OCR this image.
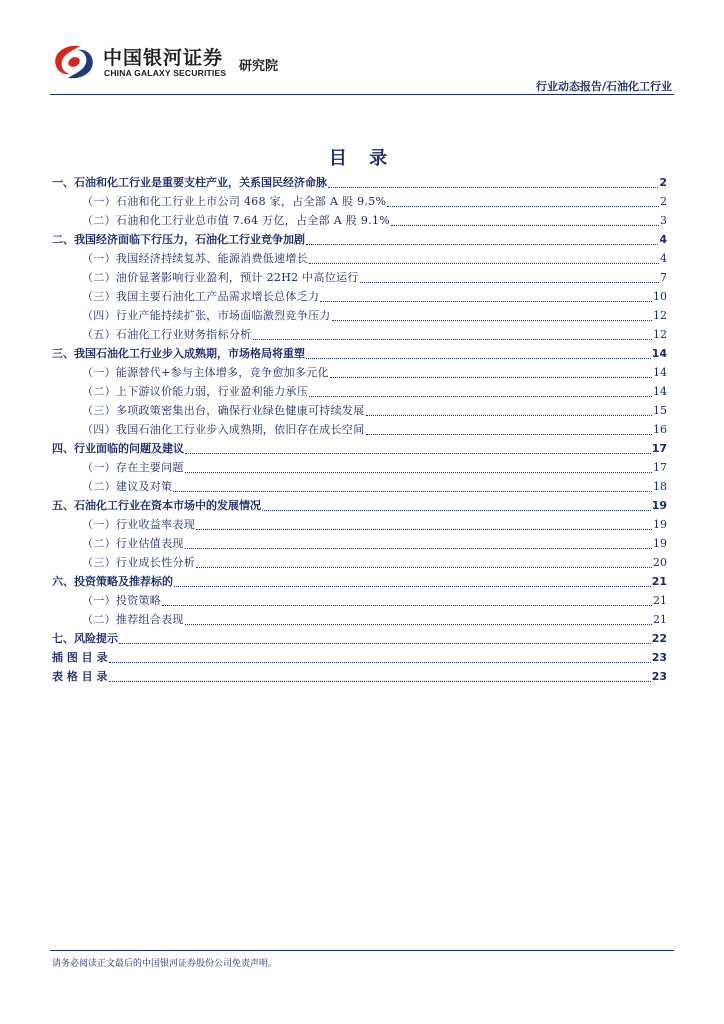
中国银河证券
CHINA GALAXY SECURITIES 研究院
行业动态报告/石油化工行业
目 录
一、石油和化工行业是重要支柱产业，关系国民经济命脉	2
（一）石油和化工行业上市公司 468 家，占全部 A 股 9.5%	2
（二）石油和化工行业总市值 7.64 万亿，占全部 A 股 9.1%	3
二、我国经济面临下行压力，石油化工行业竞争加剧	4
（一）我国经济持续复苏、能源消费低速增长	4
（二）油价显著影响行业盈利，预计 22H2 中高位运行	7
（三）我国主要石油化工产品需求增长总体乏力	10
（四）行业产能持续扩张，市场面临激烈竞争压力	12
（五）石油化工行业财务指标分析	12
三、我国石油化工行业步入成熟期，市场格局将重塑	14
（一）能源替代+参与主体增多，竞争愈加多元化	14
（二）上下游议价能力弱，行业盈利能力承压	14
（三）多项政策密集出台，确保行业绿色健康可持续发展	15
（四）我国石油化工行业步入成熟期，依旧存在成长空间	16
四、行业面临的问题及建议	17
（一）存在主要问题	17
（二）建议及对策	18
五、石油化工行业在资本市场中的发展情况	19
（一）行业收益率表现	19
（二）行业估值表现	19
（三）行业成长性分析	20
六、投资策略及推荐标的	21
（一）投资策略	21
（二）推荐组合表现	21
七、风险提示	22
插 图 目 录	23
表 格 目 录	23
请务必阅读正文最后的中国银河证券股份公司免责声明。
